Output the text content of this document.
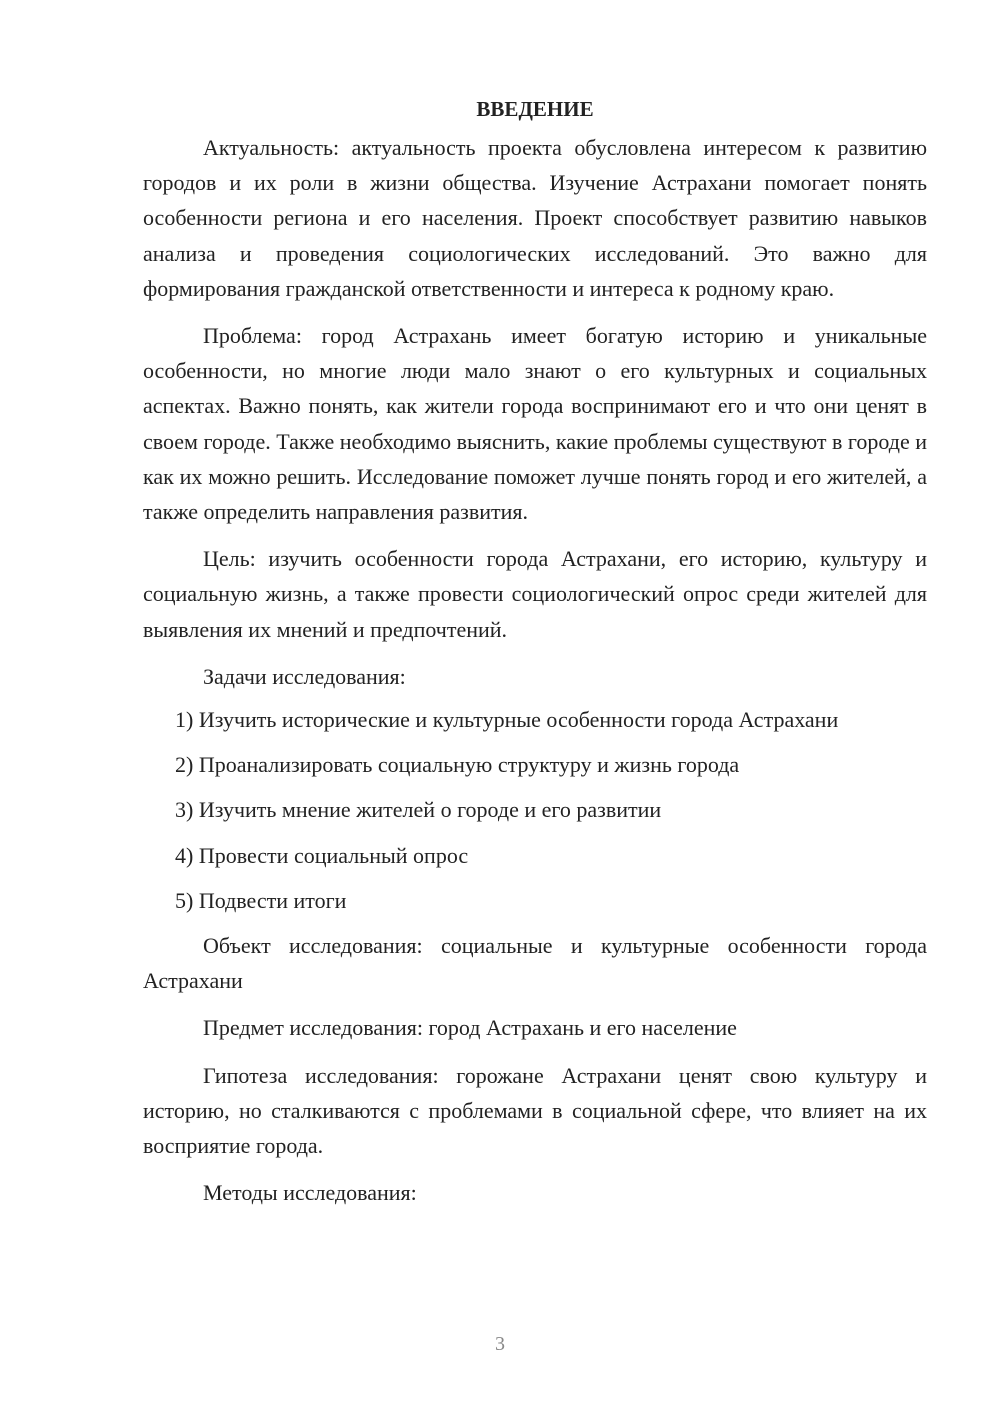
ВВЕДЕНИЕ

Актуальность: актуальность проекта обусловлена интересом к развитию городов и их роли в жизни общества. Изучение Астрахани помогает понять особенности региона и его населения. Проект способствует развитию навыков анализа и проведения социологических исследований. Это важно для формирования гражданской ответственности и интереса к родному краю.

Проблема: город Астрахань имеет богатую историю и уникальные особенности, но многие люди мало знают о его культурных и социальных аспектах. Важно понять, как жители города воспринимают его и что они ценят в своем городе. Также необходимо выяснить, какие проблемы существуют в городе и как их можно решить. Исследование поможет лучше понять город и его жителей, а также определить направления развития.

Цель: изучить особенности города Астрахани, его историю, культуру и социальную жизнь, а также провести социологический опрос среди жителей для выявления их мнений и предпочтений.

Задачи исследования:

1) Изучить исторические и культурные особенности города Астрахани
2) Проанализировать социальную структуру и жизнь города
3) Изучить мнение жителей о городе и его развитии
4) Провести социальный опрос
5) Подвести итоги

Объект исследования: социальные и культурные особенности города Астрахани

Предмет исследования: город Астрахань и его население

Гипотеза исследования: горожане Астрахани ценят свою культуру и историю, но сталкиваются с проблемами в социальной сфере, что влияет на их восприятие города.

Методы исследования:

3
